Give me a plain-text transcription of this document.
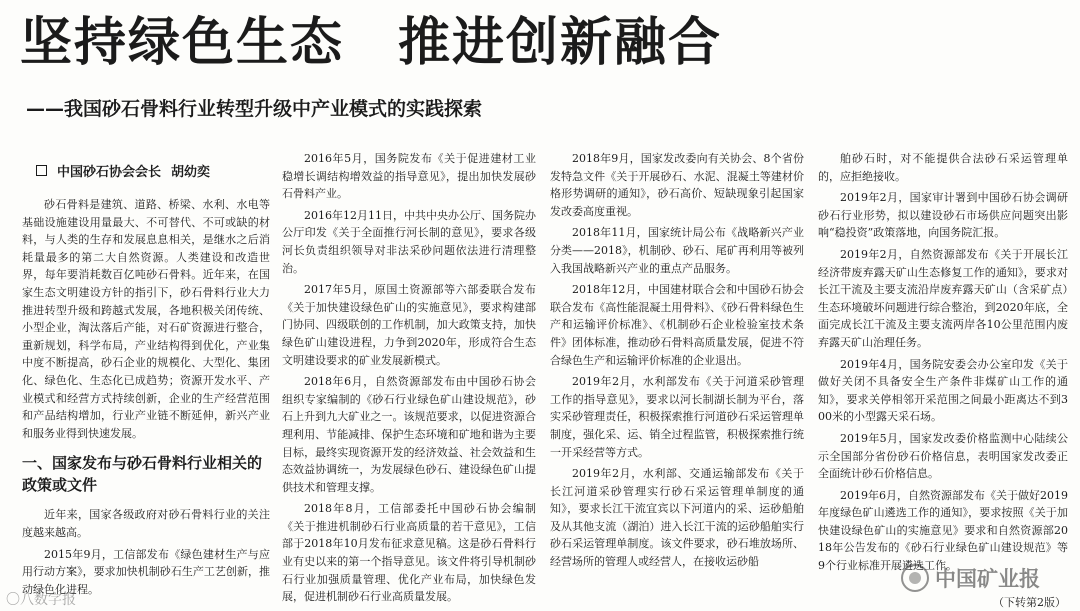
坚持绿色生态　推进创新融合
——我国砂石骨料行业转型升级中产业模式的实践探索
中国砂石协会会长 胡幼奕

砂石骨料是建筑、道路、桥梁、水利、水电等基础设施建设用量最大、不可替代、不可或缺的材料，与人类的生存和发展息息相关，是继水之后消耗量最多的第二大自然资源。人类建设和改造世界，每年要消耗数百亿吨砂石骨料。近年来，在国家生态文明建设方针的指引下，砂石骨料行业大力推进转型升级和跨越式发展，各地积极关闭传统、小型企业，淘汰落后产能，对石矿资源进行整合，重新规划，科学布局，产业结构得到优化，产业集中度不断提高，砂石企业的规模化、大型化、集团化、绿色化、生态化已成趋势；资源开发水平、产业模式和经营方式持续创新，企业的生产经营范围和产品结构增加，行业产业链不断延伸，新兴产业和服务业得到快速发展。

一、国家发布与砂石骨料行业相关的政策或文件

近年来，国家各级政府对砂石骨料行业的关注度越来越高。

2015年9月，工信部发布《绿色建材生产与应用行动方案》，要求加快机制砂石生产工艺创新，推动绿色化进程。

2016年5月，国务院发布《关于促进建材工业稳增长调结构增效益的指导意见》，提出加快发展砂石骨料产业。

2016年12月11日，中共中央办公厅、国务院办公厅印发《关于全面推行河长制的意见》，要求各级河长负责组织领导对非法采砂问题依法进行清理整治。

2017年5月，原国土资源部等六部委联合发布《关于加快建设绿色矿山的实施意见》，要求构建部门协同、四级联创的工作机制，加大政策支持，加快绿色矿山建设进程，力争到2020年，形成符合生态文明建设要求的矿业发展新模式。

2018年6月，自然资源部发布由中国砂石协会组织专家编制的《砂石行业绿色矿山建设规范》，砂石上升到九大矿业之一。该规范要求，以促进资源合理利用、节能减排、保护生态环境和矿地和谐为主要目标，最终实现资源开发的经济效益、社会效益和生态效益协调统一，为发展绿色砂石、建设绿色矿山提供技术和管理支撑。

2018年8月，工信部委托中国砂石协会编制《关于推进机制砂石行业高质量的若干意见》，工信部于2018年10月发布征求意见稿。这是砂石骨料行业有史以来的第一个指导意见。该文件将引导机制砂石行业加强质量管理、优化产业布局，加快绿色发展，促进机制砂石行业高质量发展。

2018年9月，国家发改委向有关协会、8个省份发特急文件《关于开展砂石、水泥、混凝土等建材价格形势调研的通知》，砂石高价、短缺现象引起国家发改委高度重视。

2018年11月，国家统计局公布《战略新兴产业分类——2018》，机制砂、砂石、尾矿再利用等被列入我国战略新兴产业的重点产品服务。

2018年12月，中国建材联合会和中国砂石协会联合发布《高性能混凝土用骨料》、《砂石骨料绿色生产和运输评价标准》、《机制砂石企业检验室技术条件》团体标准，推动砂石骨料高质量发展，促进不符合绿色生产和运输评价标准的企业退出。

2019年2月，水利部发布《关于河道采砂管理工作的指导意见》，要求以河长制湖长制为平台，落实采砂管理责任，积极探索推行河道砂石采运管理单制度，强化采、运、销全过程监管，积极探索推行统一开采经营等方式。

2019年2月，水利部、交通运输部发布《关于长江河道采砂管理实行砂石采运管理单制度的通知》，要求长江干流宜宾以下河道内的采、运砂船舶及从其他支流（湖泊）进入长江干流的运砂船舶实行砂石采运管理单制度。该文件要求，砂石堆放场所、经营场所的管理人或经营人，在接收运砂船

舶砂石时，对不能提供合法砂石采运管理单的，应拒绝接收。

2019年2月，国家审计署到中国砂石协会调研砂石行业形势，拟以建设砂石市场供应问题突出影响“稳投资”政策落地，向国务院汇报。

2019年2月，自然资源部发布《关于开展长江经济带废弃露天矿山生态修复工作的通知》，要求对长江干流及主要支流沿岸废弃露天矿山（含采矿点）生态环境破坏问题进行综合整治，到2020年底，全面完成长江干流及主要支流两岸各10公里范围内废弃露天矿山治理任务。

2019年4月，国务院安委会办公室印发《关于做好关闭不具备安全生产条件非煤矿山工作的通知》，要求关停相邻开采范围之间最小距离达不到300米的小型露天采石场。

2019年5月，国家发改委价格监测中心陆续公示全国部分省份砂石价格信息，表明国家发改委正全面统计砂石价格信息。

2019年6月，自然资源部发布《关于做好2019年度绿色矿山遴选工作的通知》，要求按照《关于加快建设绿色矿山的实施意见》要求和自然资源部2018年公告发布的《砂石行业绿色矿山建设规范》等9个行业标准开展遴选工作。

中国矿业报
（下转第2版）
〇八数字报
